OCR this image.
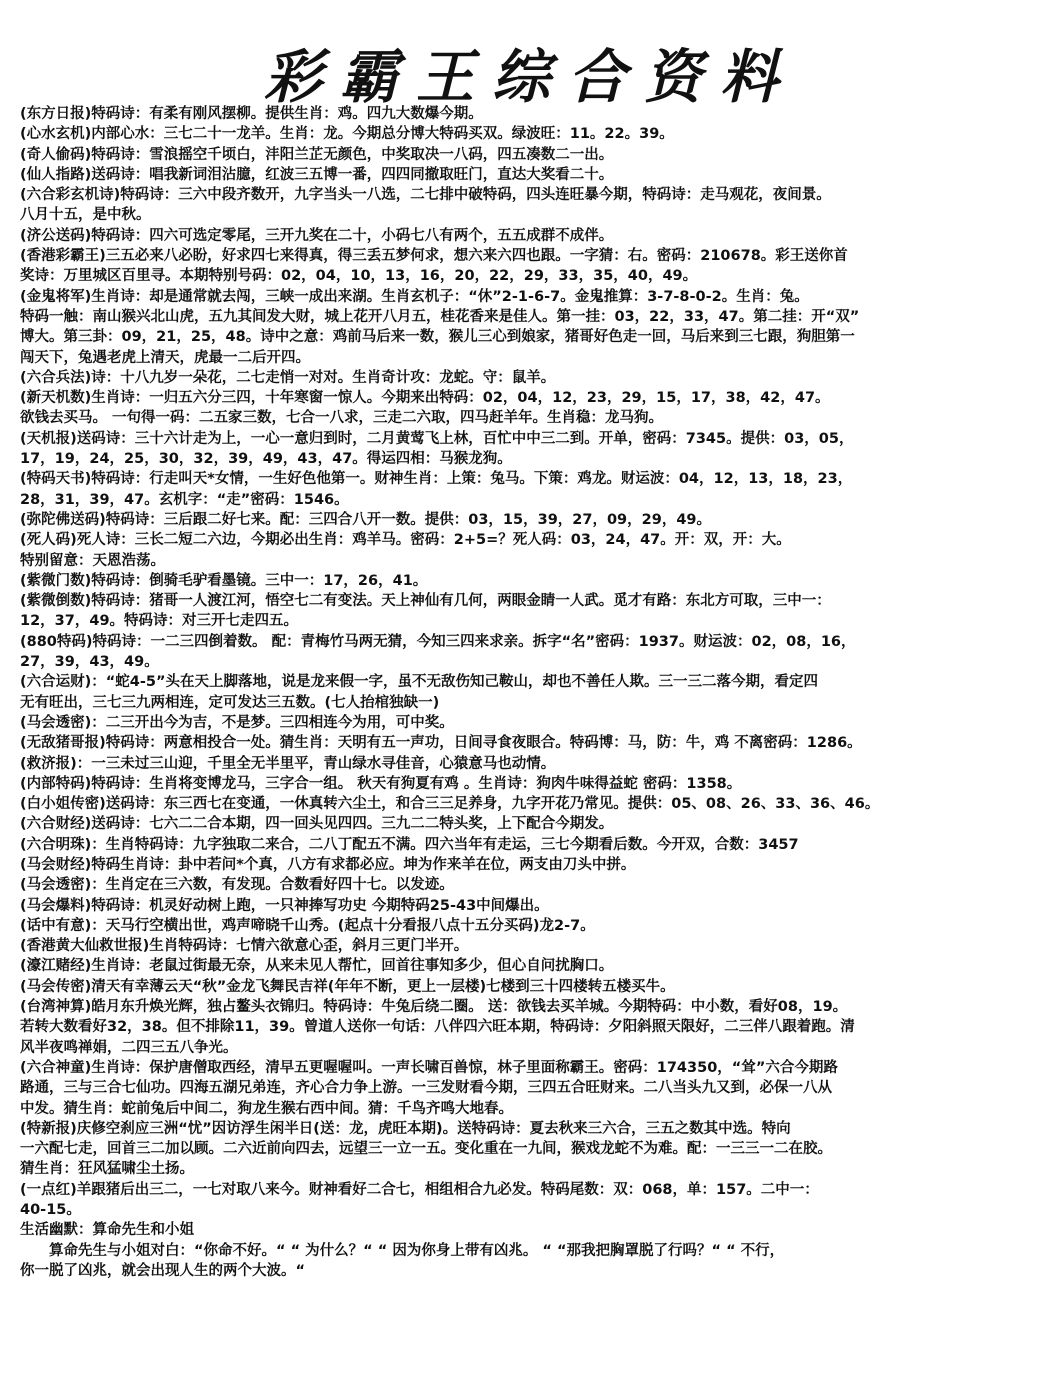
彩霸王综合资料
(东方日报)特码诗：有柔有刚风摆柳。提供生肖：鸡。四九大数爆今期。
(心水玄机)内部心水：三七二十一龙羊。生肖：龙。今期总分博大特码买双。绿波旺：11。22。39。
(奇人偷码)特码诗：雪浪摇空千顷白，沣阳兰芷无颜色，中奖取决一八码，四五凑数二一出。
(仙人指路)送码诗：唱我新词泪沾臆，红波三五博一番，四四同撤取旺门，直达大奖看二十。
(六合彩玄机诗)特码诗：三六中段齐数开，九字当头一八选，二七排中破特码，四头连旺暴今期，特码诗：走马观花，夜间景。
八月十五，是中秋。
(济公送码)特码诗：四六可选定零尾，三开九奖在二十，小码七八有两个，五五成群不成伴。
(香港彩霸王)三五必来八必盼，好求四七来得真，得三丢五梦何求，想六来六四也跟。一字猜：右。密码：210678。彩王送你首
奖诗：万里城区百里寻。本期特别号码：02，04，10，13，16，20，22，29，33，35，40，49。
(金鬼将军)生肖诗：却是通常就去闯，三峡一成出来湖。生肖玄机子：“休”2-1-6-7。金鬼推算：3-7-8-0-2。生肖：兔。
特码一触：南山猴兴北山虎，五九其间发大财，城上花开八月五，桂花香来是佳人。第一挂：03，22，33，47。第二挂：开“双”
博大。第三卦：09，21，25，48。诗中之意：鸡前马后来一数，猴儿三心到娘家，猪哥好色走一回，马后来到三七跟，狗胆第一
闯天下，兔遇老虎上清天，虎最一二后开四。
(六合兵法)诗：十八九岁一朵花，二七走悄一对对。生肖奇计攻：龙蛇。守：鼠羊。
(新天机数)生肖诗：一归五六分三四，十年寒窗一惊人。今期来出特码：02，04，12，23，29，15，17，38，42，47。
欲钱去买马。 一句得一码：二五家三数，七合一八求，三走二六取，四马赶羊年。生肖稳：龙马狗。
(天机报)送码诗：三十六计走为上，一心一意归到时，二月黄莺飞上林，百忙中中三二到。开单，密码：7345。提供：03，05，
17，19，24，25，30，32，39，49，43，47。得运四相：马猴龙狗。
(特码天书)特码诗：行走叫天*女情，一生好色他第一。财神生肖：上策：兔马。下策：鸡龙。财运波：04，12，13，18，23，
28，31，39，47。玄机字：“走”密码：1546。
(弥陀佛送码)特码诗：三后跟二好七来。配：三四合八开一数。提供：03，15，39，27，09，29，49。
(死人码)死人诗：三长二短二六边，今期必出生肖：鸡羊马。密码：2+5=？死人码：03，24，47。开：双，开：大。
特别留意：天恩浩荡。
(紫微门数)特码诗：倒骑毛驴看墨镜。三中一：17，26，41。
(紫微倒数)特码诗：猪哥一人渡江河，悟空七二有变法。天上神仙有几何，两眼金睛一人武。觅才有路：东北方可取，三中一：
12，37，49。特码诗：对三开七走四五。
(880特码)特码诗：一二三四倒着数。 配：青梅竹马两无猜，今知三四来求亲。拆字“名”密码：1937。财运波：02，08，16，
27，39，43，49。
(六合运财)：“蛇4-5”头在天上脚落地，说是龙来假一字，虽不无敌伤知己鞍山，却也不善任人欺。三一三二落今期，看定四
无有旺出，三七三九两相连，定可发达三五数。(七人抬棺独缺一)
(马会透密)：二三开出今为吉，不是梦。三四相连今为用，可中奖。
(无敌猪哥报)特码诗：两意相投合一处。猜生肖：天明有五一声功，日间寻食夜眼合。特码博：马，防：牛，鸡 不离密码：1286。
(救济报)：一三未过三山迎，千里全无半里平，青山绿水寻佳音，心猿意马也动情。
(内部特码)特码诗：生肖将变博龙马，三字合一组。 秋天有狗夏有鸡 。生肖诗：狗肉牛味得益蛇 密码：1358。
(白小姐传密)送码诗：东三西七在变通，一休真转六尘土，和合三三足养身，九字开花乃常见。提供：05、08、26、33、36、46。
(六合财经)送码诗：七六二二合本期，四一回头见四四。三九二二特头奖，上下配合今期发。
(六合明珠)：生肖特码诗：九字独取二来合，二八丁配五不满。四六当年有走运，三七今期看后数。今开双，合数：3457
(马会财经)特码生肖诗：卦中若问*个真，八方有求都必应。坤为作来羊在位，两支由刀头中拼。
(马会透密)：生肖定在三六数，有发现。合数看好四十七。以发迹。
(马会爆料)特码诗：机灵好动树上跑，一只神捧写功史 今期特码25-43中间爆出。
(话中有意)：天马行空横出世，鸡声啼晓千山秀。(起点十分看报八点十五分买码)龙2-7。
(香港黄大仙救世报)生肖特码诗：七情六欲意心歪，斜月三更门半开。
(濠江赌经)生肖诗：老鼠过街最无奈，从来未见人帮忙，回首往事知多少，但心自问扰胸口。
(马会传密)清天有幸薄云天“秋”金龙飞舞民吉祥(年年不断，更上一层楼)七楼到三十四楼转五楼买牛。
(台湾神算)皓月东升焕光辉，独占鳌头衣锦归。特码诗：牛兔后绕二圈。 送：欲钱去买羊城。今期特码：中小数，看好08，19。
若转大数看好32，38。但不排除11，39。曾道人送你一句话：八伴四六旺本期，特码诗：夕阳斜照天限好，二三伴八跟着跑。清
风半夜鸣禅娟，二四三五八争光。
(六合神童)生肖诗：保护唐僧取西经，清早五更喔喔叫。一声长啸百兽惊，林子里面称霸王。密码：174350，“耸”六合今期路
路通，三与三合七仙功。四海五湖兄弟连，齐心合力争上游。一三发财看今期，三四五合旺财来。二八当头九又到，必保一八从
中发。猜生肖：蛇前兔后中间二，狗龙生猴右西中间。猜：千鸟齐鸣大地春。
(特新报)庆修空刹应三洲“忧”因访浮生闲半日(送：龙，虎旺本期)。送特码诗：夏去秋来三六合，三五之数其中选。特向
一六配七走，回首三二加以顾。二六近前向四去，远望三一立一五。变化重在一九间，猴戏龙蛇不为难。配：一三三一二在胶。
猜生肖：狂风猛啸尘土扬。
(一点红)羊跟猪后出三二，一七对取八来今。财神看好二合七，相组相合九必发。特码尾数：双：068，单：157。二中一：
40-15。
生活幽默：算命先生和小姐
　　算命先生与小姐对白：“你命不好。“ “ 为什么？“ “ 因为你身上带有凶兆。 “ “那我把胸罩脱了行吗？“ “ 不行，
你一脱了凶兆，就会出现人生的两个大波。“
